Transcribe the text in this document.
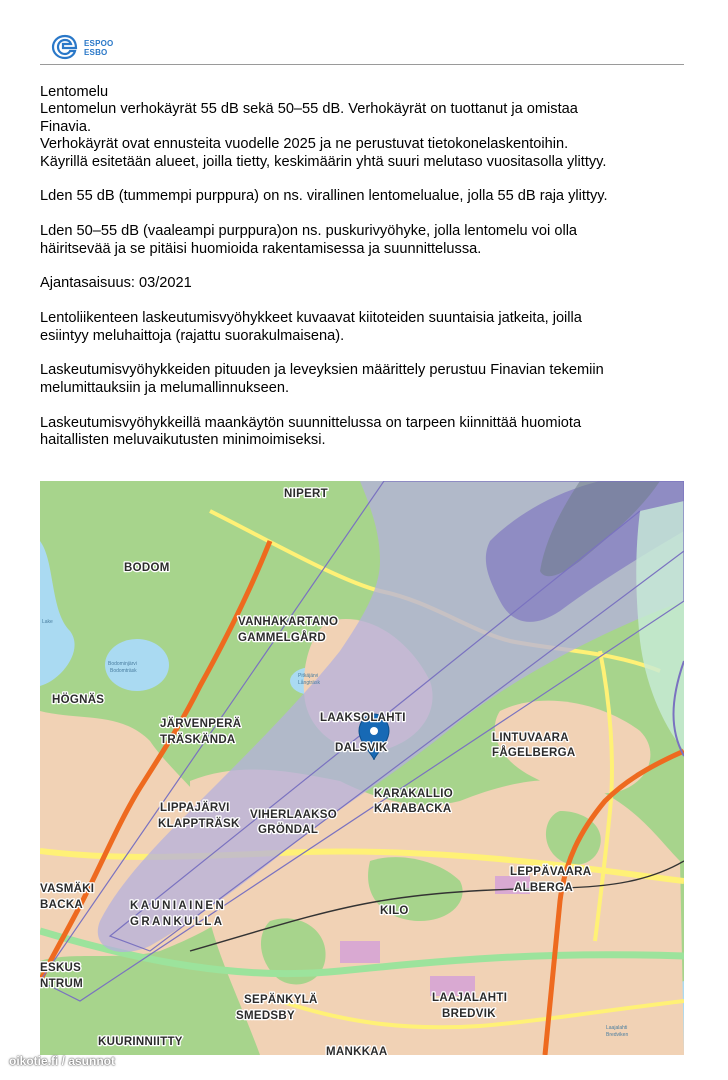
ESPOO
ESBO

Lentomelu
Lentomelun verhokäyrät 55 dB sekä 50–55 dB. Verhokäyrät on tuottanut ja omistaa
Finavia.
Verhokäyrät ovat ennusteita vuodelle 2025 ja ne perustuvat tietokonelaskentoihin.
Käyrillä esitetään alueet, joilla tietty, keskimäärin yhtä suuri melutaso vuositasolla ylittyy.

Lden 55 dB (tummempi purppura) on ns. virallinen lentomelualue, jolla 55 dB raja ylittyy.

Lden 50–55 dB (vaaleampi purppura)on ns. puskurivyöhyke, jolla lentomelu voi olla
häiritsevää ja se pitäisi huomioida rakentamisessa ja suunnittelussa.

Ajantasaisuus: 03/2021

Lentoliikenteen laskeutumisvyöhykkeet kuvaavat kiitoteiden suuntaisia jatkeita, joilla
esiintyy meluhaittoja (rajattu suorakulmaisena).

Laskeutumisvyöhykkeiden pituuden ja leveyksien määrittely perustuu Finavian tekemiin
melumittauksiin ja melumallinnukseen.

Laskeutumisvyöhykkeillä maankäytön suunnittelussa on tarpeen kiinnittää huomiota
haitallisten meluvaikutusten minimoimiseksi.

Bodominjärvi
Bodomträsk
Pitkäjärvi
Långträsk
Lake
Laajalahti
Bredviken
NIPERT
BODOM
VANHAKARTANO
GAMMELGÅRD
HÖGNÄS
JÄRVENPERÄ
TRÄSKÄNDA
LAAKSOLAHTI
DALSVIK
LINTUVAARA
FÅGELBERGA
KARAKALLIO
KARABACKA
LIPPAJÄRVI
KLAPPTRÄSK
VIHERLAAKSO
GRÖNDAL
VASMÄKI
BACKA	KAUNIAINEN
GRANKULLA
KILO
LEPPÄVAARA
ALBERGA
ESKUS
NTRUM
SEPÄNKYLÄ
SMEDSBY
LAAJALAHTI
BREDVIK
KUURINNIITTY
MANKKAA
oikotie.fi / asunnot
